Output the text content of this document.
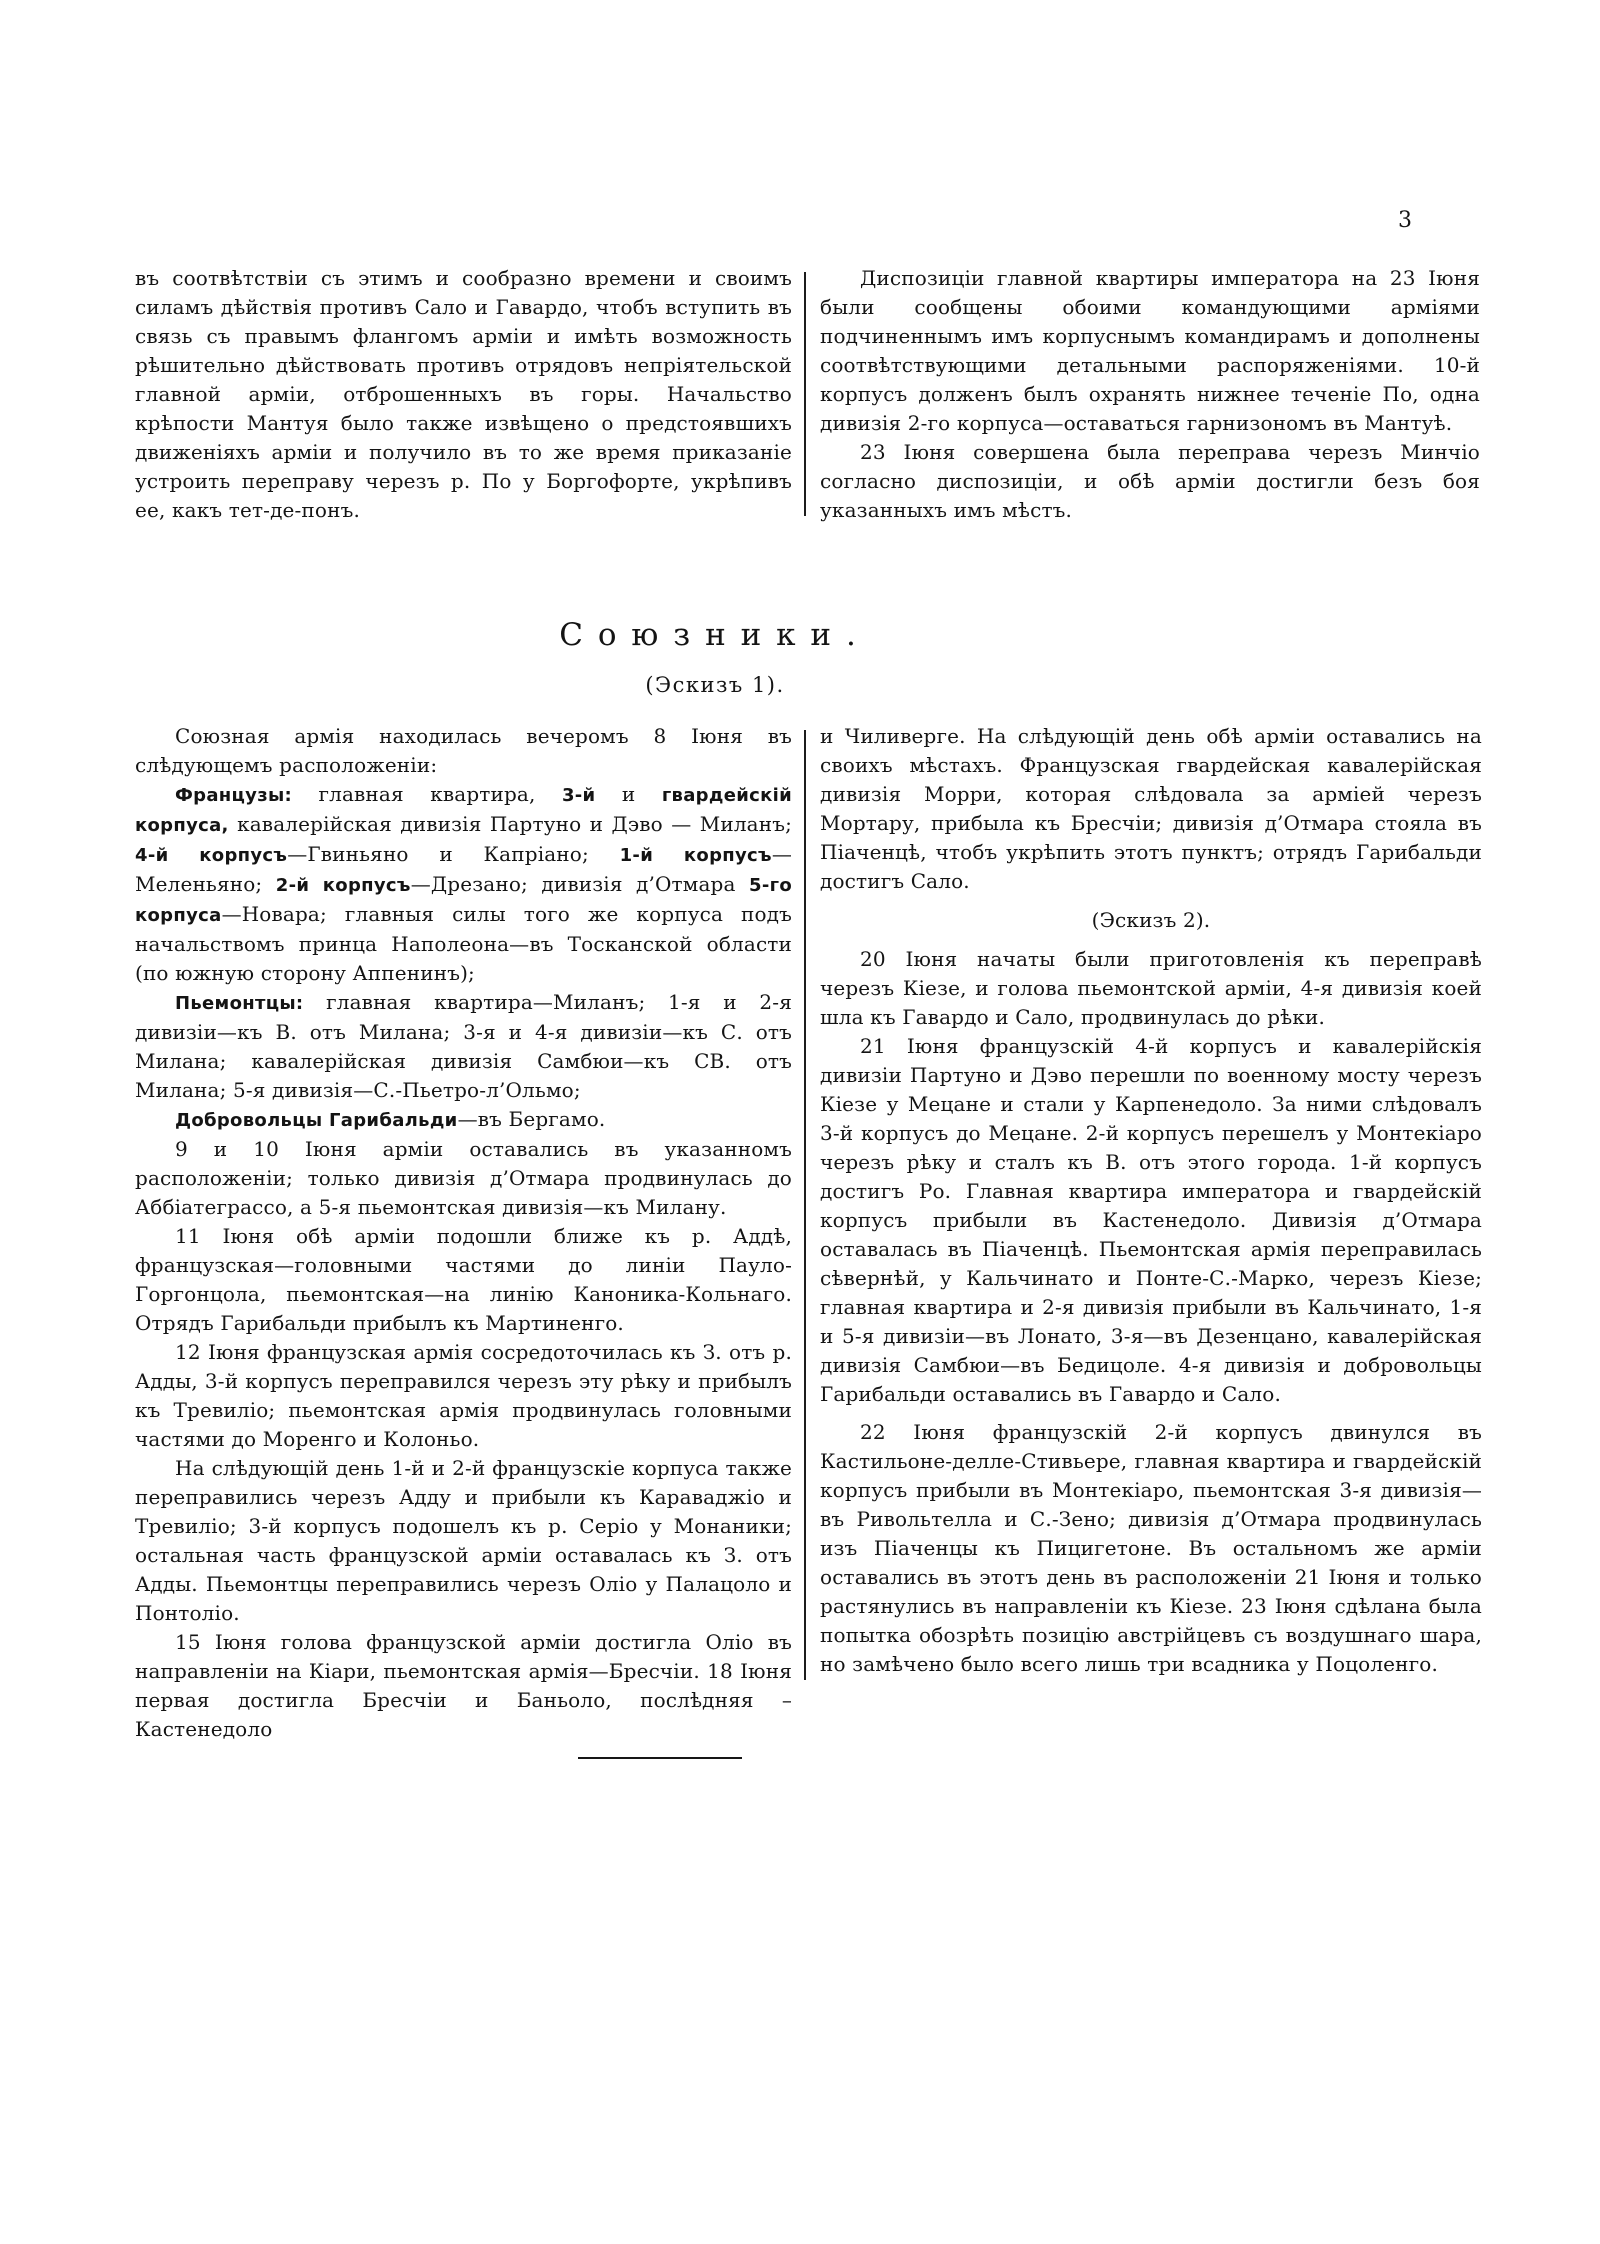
3

въ соотвѣтствіи съ этимъ и сообразно времени и своимъ силамъ дѣйствія противъ Сало и Гавардо, чтобъ вступить въ связь съ правымъ флангомъ арміи и имѣть возможность рѣшительно дѣйствовать противъ отрядовъ непріятельской главной арміи, отброшенныхъ въ горы. Начальство крѣпости Мантуя было также извѣщено о предстоявшихъ движеніяхъ арміи и получило въ то же время приказаніе устроить переправу черезъ р. По у Боргофорте, укрѣпивъ ее, какъ тет-де-понъ.

Диспозиціи главной квартиры императора на 23 Іюня были сообщены обоими командующими арміями подчиненнымъ имъ корпуснымъ командирамъ и дополнены соотвѣтствующими детальными распоряженіями. 10-й корпусъ долженъ былъ охранять нижнее теченіе По, одна дивизія 2-го корпуса—оставаться гарнизономъ въ Мантуѣ.

23 Іюня совершена была переправа черезъ Минчіо согласно диспозиціи, и обѣ арміи достигли безъ боя указанныхъ имъ мѣстъ.

Союзники.
(Эскизъ 1).

Союзная армія находилась вечеромъ 8 Іюня въ слѣдующемъ расположеніи:

Французы: главная квартира, 3-й и гвардейскій корпуса, кавалерійская дивизія Партуно и Дэво — Миланъ; 4-й корпусъ—Гвиньяно и Капріано; 1-й корпусъ—Меленьяно; 2-й корпусъ—Дрезано; дивизія д’Отмара 5-го корпуса—Новара; главныя силы того же корпуса подъ начальствомъ принца Наполеона—въ Тосканской области (по южную сторону Аппенинъ);

Пьемонтцы: главная квартира—Миланъ; 1-я и 2-я дивизіи—къ В. отъ Милана; 3-я и 4-я дивизіи—къ С. отъ Милана; кавалерійская дивизія Самбюи—къ СВ. отъ Милана; 5-я дивизія—С.-Пьетро-л’Ольмо;

Добровольцы Гарибальди—въ Бергамо.

9 и 10 Іюня арміи оставались въ указанномъ расположеніи; только дивизія д’Отмара продвинулась до Аббіатеграссо, а 5-я пьемонтская дивизія—къ Милану.

11 Іюня обѣ арміи подошли ближе къ р. Аддѣ, французская—головными частями до линіи Пауло-Горгонцола, пьемонтская—на линію Каноника-Кольнаго. Отрядъ Гарибальди прибылъ къ Мартиненго.

12 Іюня французская армія сосредоточилась къ З. отъ р. Адды, 3-й корпусъ переправился черезъ эту рѣку и прибылъ къ Тревиліо; пьемонтская армія продвинулась головными частями до Моренго и Колоньо.

На слѣдующій день 1-й и 2-й французскіе корпуса также переправились черезъ Адду и прибыли къ Караваджіо и Тревиліо; 3-й корпусъ подошелъ къ р. Серіо у Монаники; остальная часть французской арміи оставалась къ З. отъ Адды. Пьемонтцы переправились черезъ Оліо у Палацоло и Понтоліо.

15 Іюня голова французской арміи достигла Оліо въ направленіи на Кіари, пьемонтская армія—Бресчіи. 18 Іюня первая достигла Бресчіи и Баньоло, послѣдняя – Кастенедоло

и Чиливерге. На слѣдующій день обѣ арміи оставались на своихъ мѣстахъ. Французская гвардейская кавалерійская дивизія Морри, которая слѣдовала за арміей черезъ Мортару, прибыла къ Бресчіи; дивизія д’Отмара стояла въ Піаченцѣ, чтобъ укрѣпить этотъ пунктъ; отрядъ Гарибальди достигъ Сало.

(Эскизъ 2).

20 Іюня начаты были приготовленія къ переправѣ черезъ Кіезе, и голова пьемонтской арміи, 4-я дивизія коей шла къ Гавардо и Сало, продвинулась до рѣки.

21 Іюня французскій 4-й корпусъ и кавалерійскія дивизіи Партуно и Дэво перешли по военному мосту черезъ Кіезе у Мецане и стали у Карпенедоло. За ними слѣдовалъ 3-й корпусъ до Мецане. 2-й корпусъ перешелъ у Монтекіаро черезъ рѣку и сталъ къ В. отъ этого города. 1-й корпусъ достигъ Ро. Главная квартира императора и гвардейскій корпусъ прибыли въ Кастенедоло. Дивизія д’Отмара оставалась въ Піаченцѣ. Пьемонтская армія переправилась сѣвернѣй, у Кальчинато и Понте-С.-Марко, черезъ Кіезе; главная квартира и 2-я дивизія прибыли въ Кальчинато, 1-я и 5-я дивизіи—въ Лонато, 3-я—въ Дезенцано, кавалерійская дивизія Самбюи—въ Бедицоле. 4-я дивизія и добровольцы Гарибальди оставались въ Гавардо и Сало.

22 Іюня французскій 2-й корпусъ двинулся въ Кастильоне-делле-Стивьере, главная квартира и гвардейскій корпусъ прибыли въ Монтекіаро, пьемонтская 3-я дивизія—въ Ривольтелла и С.-Зено; дивизія д’Отмара продвинулась изъ Піаченцы къ Пицигетоне. Въ остальномъ же арміи оставались въ этотъ день въ расположеніи 21 Іюня и только растянулись въ направленіи къ Кіезе. 23 Іюня сдѣлана была попытка обозрѣть позицію австрійцевъ съ воздушнаго шара, но замѣчено было всего лишь три всадника у Поцоленго.
